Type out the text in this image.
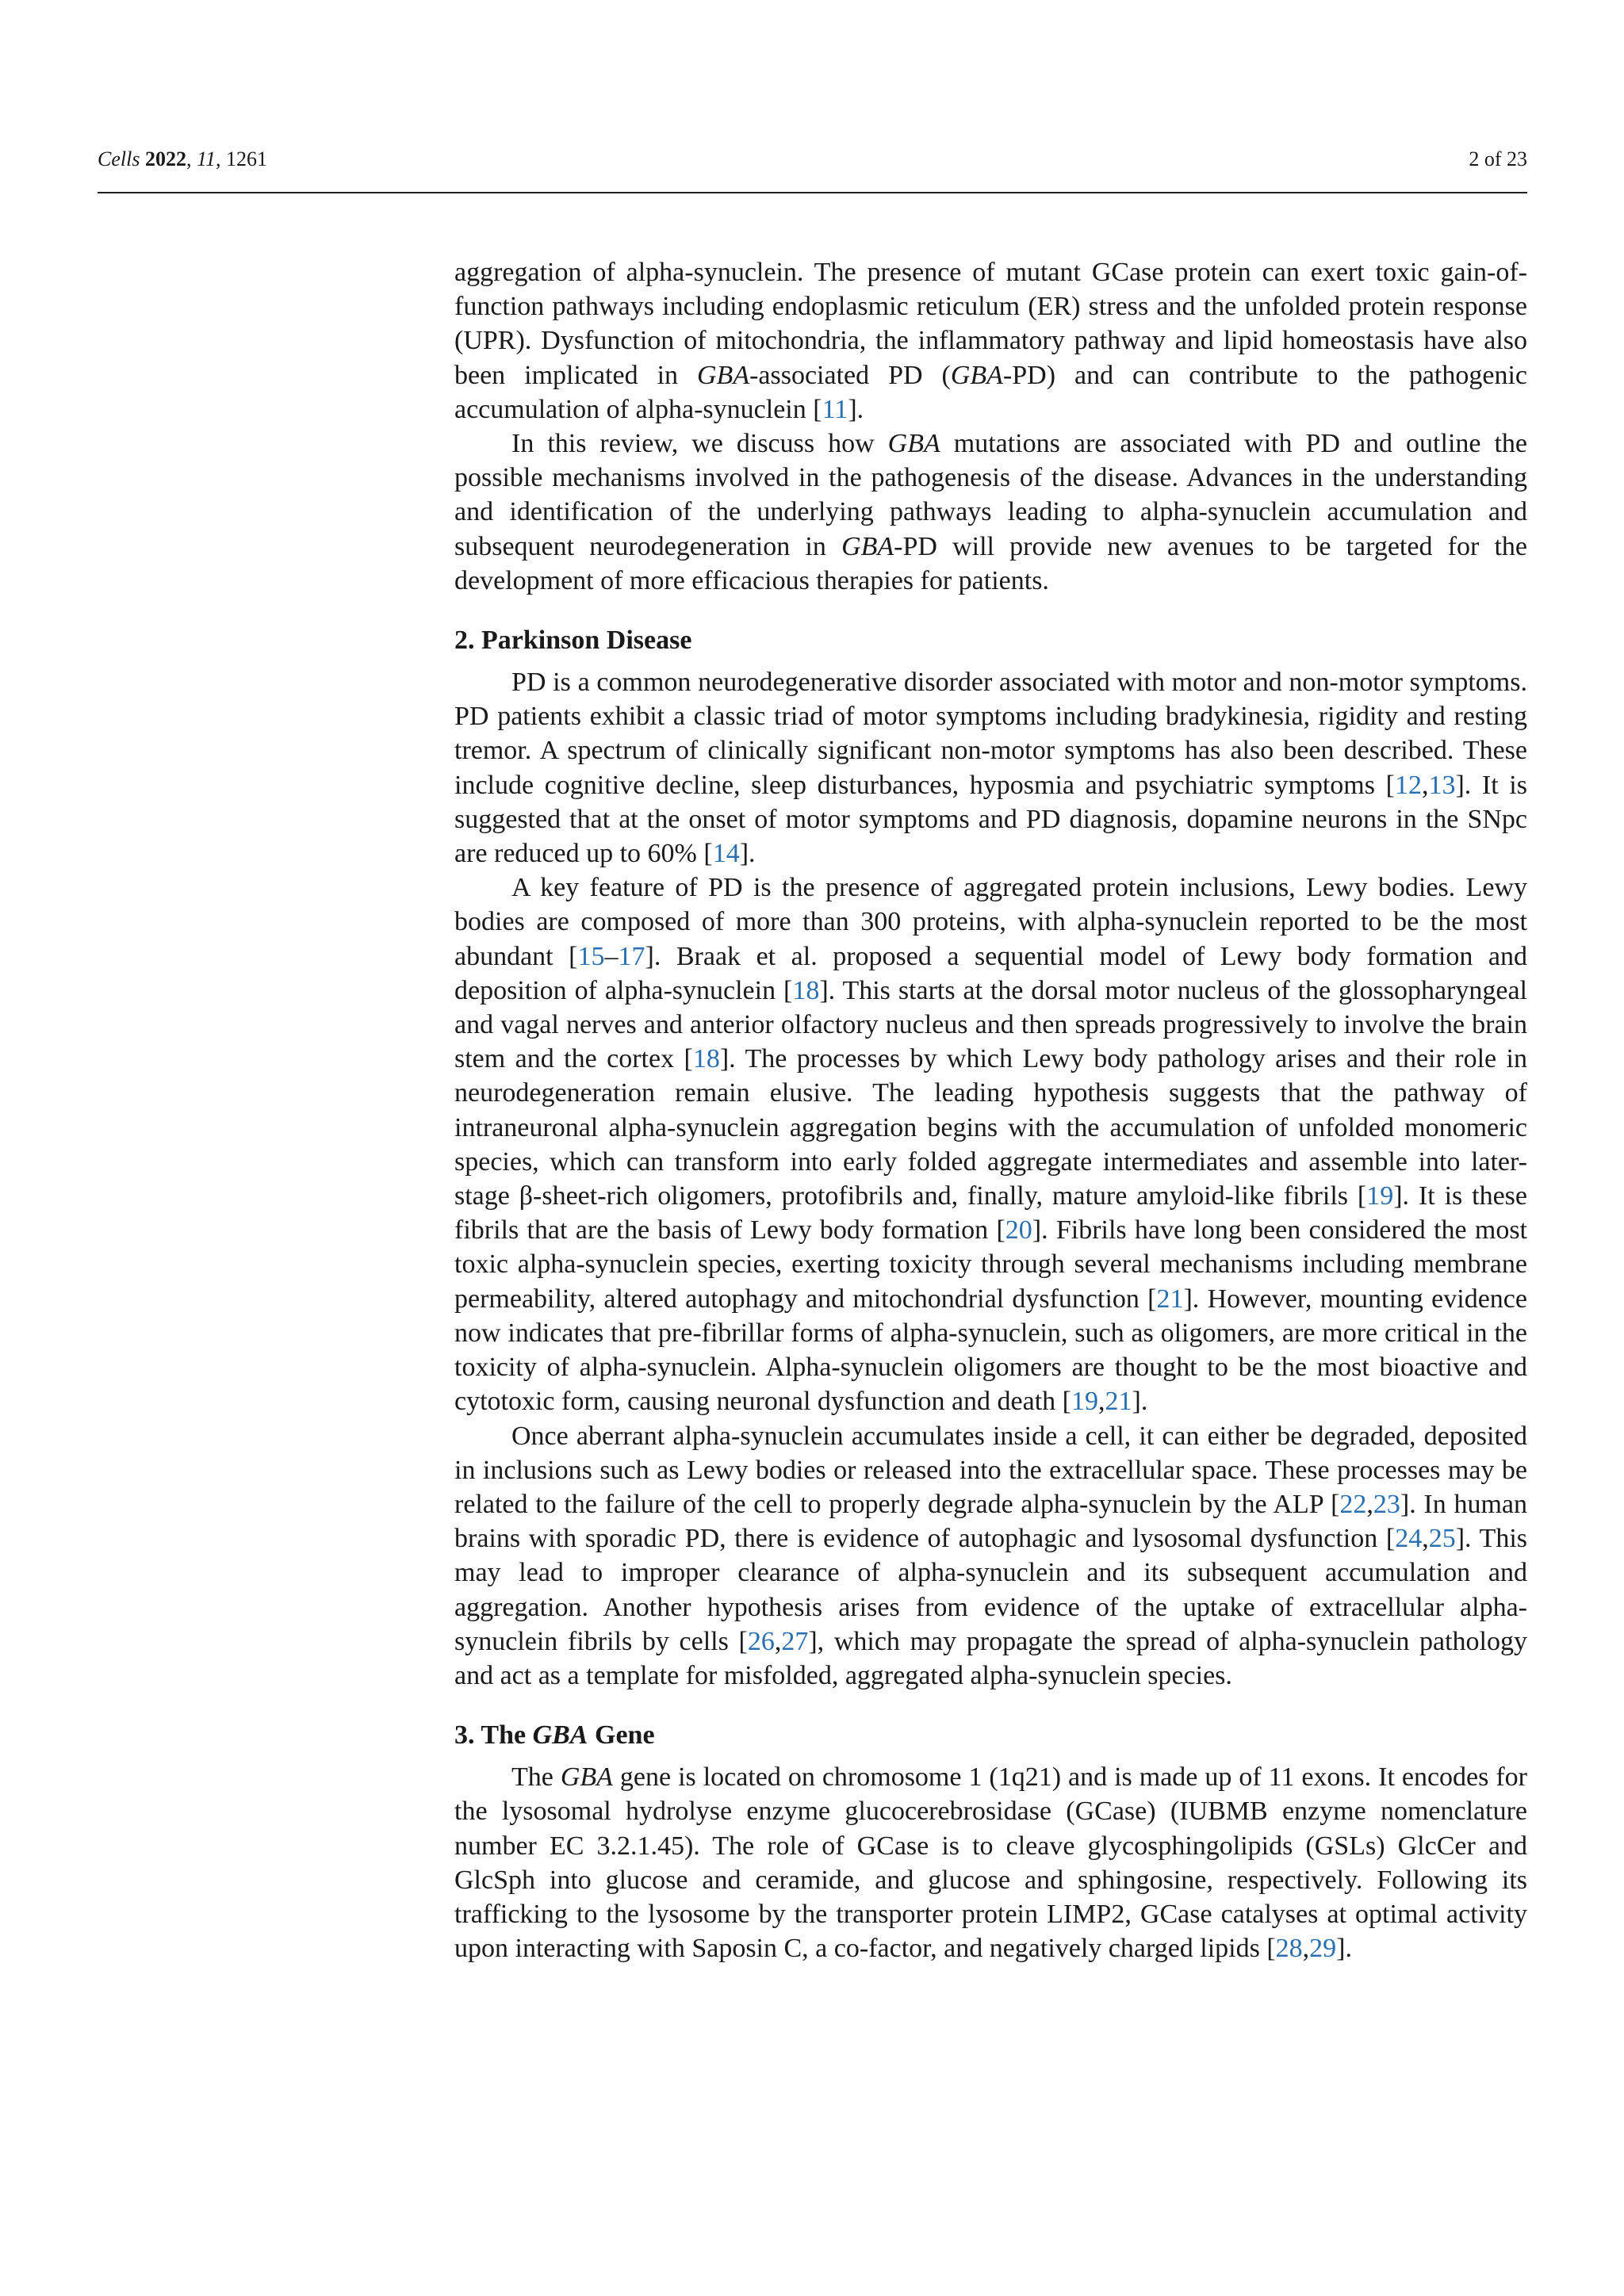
Cells 2022, 11, 1261	2 of 23

aggregation of alpha-synuclein. The presence of mutant GCase protein can exert toxic gain-of-function pathways including endoplasmic reticulum (ER) stress and the unfolded protein response (UPR). Dysfunction of mitochondria, the inflammatory pathway and lipid homeostasis have also been implicated in GBA-associated PD (GBA-PD) and can contribute to the pathogenic accumulation of alpha-synuclein [11].

In this review, we discuss how GBA mutations are associated with PD and outline the possible mechanisms involved in the pathogenesis of the disease. Advances in the understanding and identification of the underlying pathways leading to alpha-synuclein accumulation and subsequent neurodegeneration in GBA-PD will provide new avenues to be targeted for the development of more efficacious therapies for patients.

2. Parkinson Disease

PD is a common neurodegenerative disorder associated with motor and non-motor symptoms. PD patients exhibit a classic triad of motor symptoms including bradykinesia, rigidity and resting tremor. A spectrum of clinically significant non-motor symptoms has also been described. These include cognitive decline, sleep disturbances, hyposmia and psychiatric symptoms [12,13]. It is suggested that at the onset of motor symptoms and PD diagnosis, dopamine neurons in the SNpc are reduced up to 60% [14].

A key feature of PD is the presence of aggregated protein inclusions, Lewy bodies. Lewy bodies are composed of more than 300 proteins, with alpha-synuclein reported to be the most abundant [15–17]. Braak et al. proposed a sequential model of Lewy body formation and deposition of alpha-synuclein [18]. This starts at the dorsal motor nucleus of the glossopharyngeal and vagal nerves and anterior olfactory nucleus and then spreads progressively to involve the brain stem and the cortex [18]. The processes by which Lewy body pathology arises and their role in neurodegeneration remain elusive. The leading hypothesis suggests that the pathway of intraneuronal alpha-synuclein aggregation begins with the accumulation of unfolded monomeric species, which can transform into early folded aggregate intermediates and assemble into later-stage β-sheet-rich oligomers, protofibrils and, finally, mature amyloid-like fibrils [19]. It is these fibrils that are the basis of Lewy body formation [20]. Fibrils have long been considered the most toxic alpha-synuclein species, exerting toxicity through several mechanisms including membrane permeability, altered autophagy and mitochondrial dysfunction [21]. However, mounting evidence now indicates that pre-fibrillar forms of alpha-synuclein, such as oligomers, are more critical in the toxicity of alpha-synuclein. Alpha-synuclein oligomers are thought to be the most bioactive and cytotoxic form, causing neuronal dysfunction and death [19,21].

Once aberrant alpha-synuclein accumulates inside a cell, it can either be degraded, deposited in inclusions such as Lewy bodies or released into the extracellular space. These processes may be related to the failure of the cell to properly degrade alpha-synuclein by the ALP [22,23]. In human brains with sporadic PD, there is evidence of autophagic and lysosomal dysfunction [24,25]. This may lead to improper clearance of alpha-synuclein and its subsequent accumulation and aggregation. Another hypothesis arises from evidence of the uptake of extracellular alpha-synuclein fibrils by cells [26,27], which may propagate the spread of alpha-synuclein pathology and act as a template for misfolded, aggregated alpha-synuclein species.

3. The GBA Gene

The GBA gene is located on chromosome 1 (1q21) and is made up of 11 exons. It encodes for the lysosomal hydrolyse enzyme glucocerebrosidase (GCase) (IUBMB enzyme nomenclature number EC 3.2.1.45). The role of GCase is to cleave glycosphingolipids (GSLs) GlcCer and GlcSph into glucose and ceramide, and glucose and sphingosine, respectively. Following its trafficking to the lysosome by the transporter protein LIMP2, GCase catalyses at optimal activity upon interacting with Saposin C, a co-factor, and negatively charged lipids [28,29].
